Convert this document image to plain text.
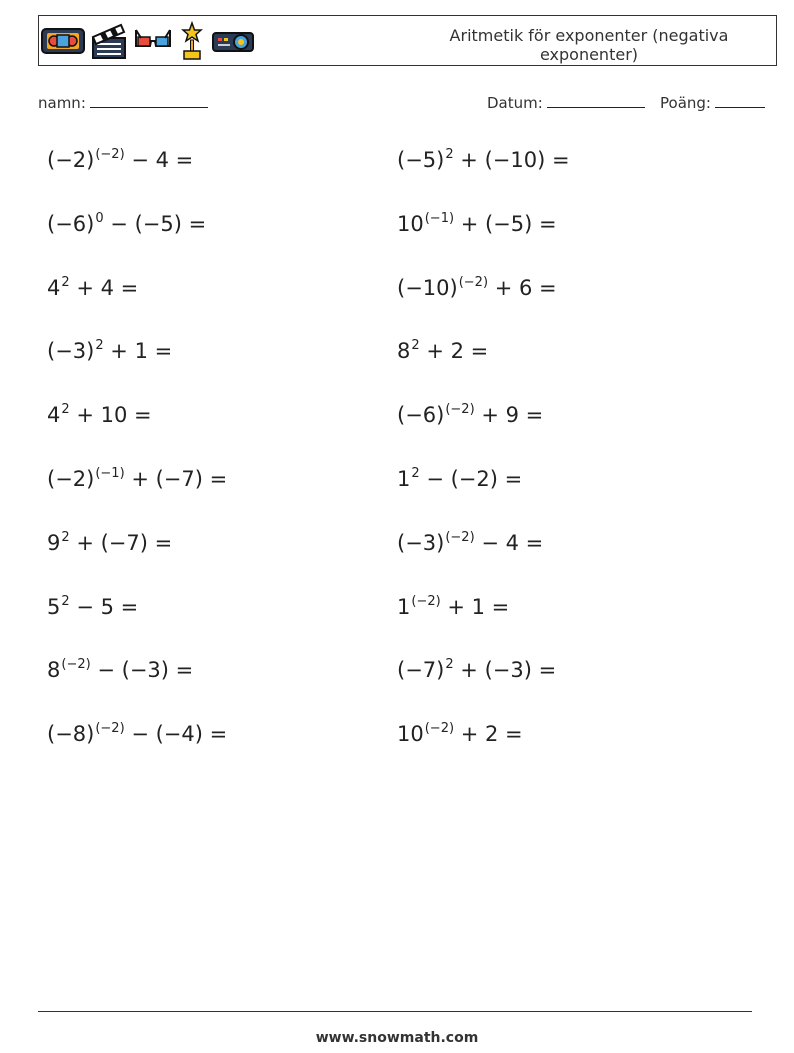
Aritmetik för exponenter (negativa exponenter)
namn:	Datum:	Poäng:
$(-2)^{(-2)} - 4$ =	$(-5)^2 + (-10)$ =
$(-6)^0 - (-5)$ =	$10^{(-1)} + (-5)$ =
$4^2 + 4$ =	$(-10)^{(-2)} + 6$ =
$(-3)^2 + 1$ =	$8^2 + 2$ =
$4^2 + 10$ =	$(-6)^{(-2)} + 9$ =
$(-2)^{(-1)} + (-7)$ =	$1^2 - (-2)$ =
$9^2 + (-7)$ =	$(-3)^{(-2)} - 4$ =
$5^2 - 5$ =	$1^{(-2)} + 1$ =
$8^{(-2)} - (-3)$ =	$(-7)^2 + (-3)$ =
$(-8)^{(-2)} - (-4)$ =	$10^{(-2)} + 2$ =
www.snowmath.com
